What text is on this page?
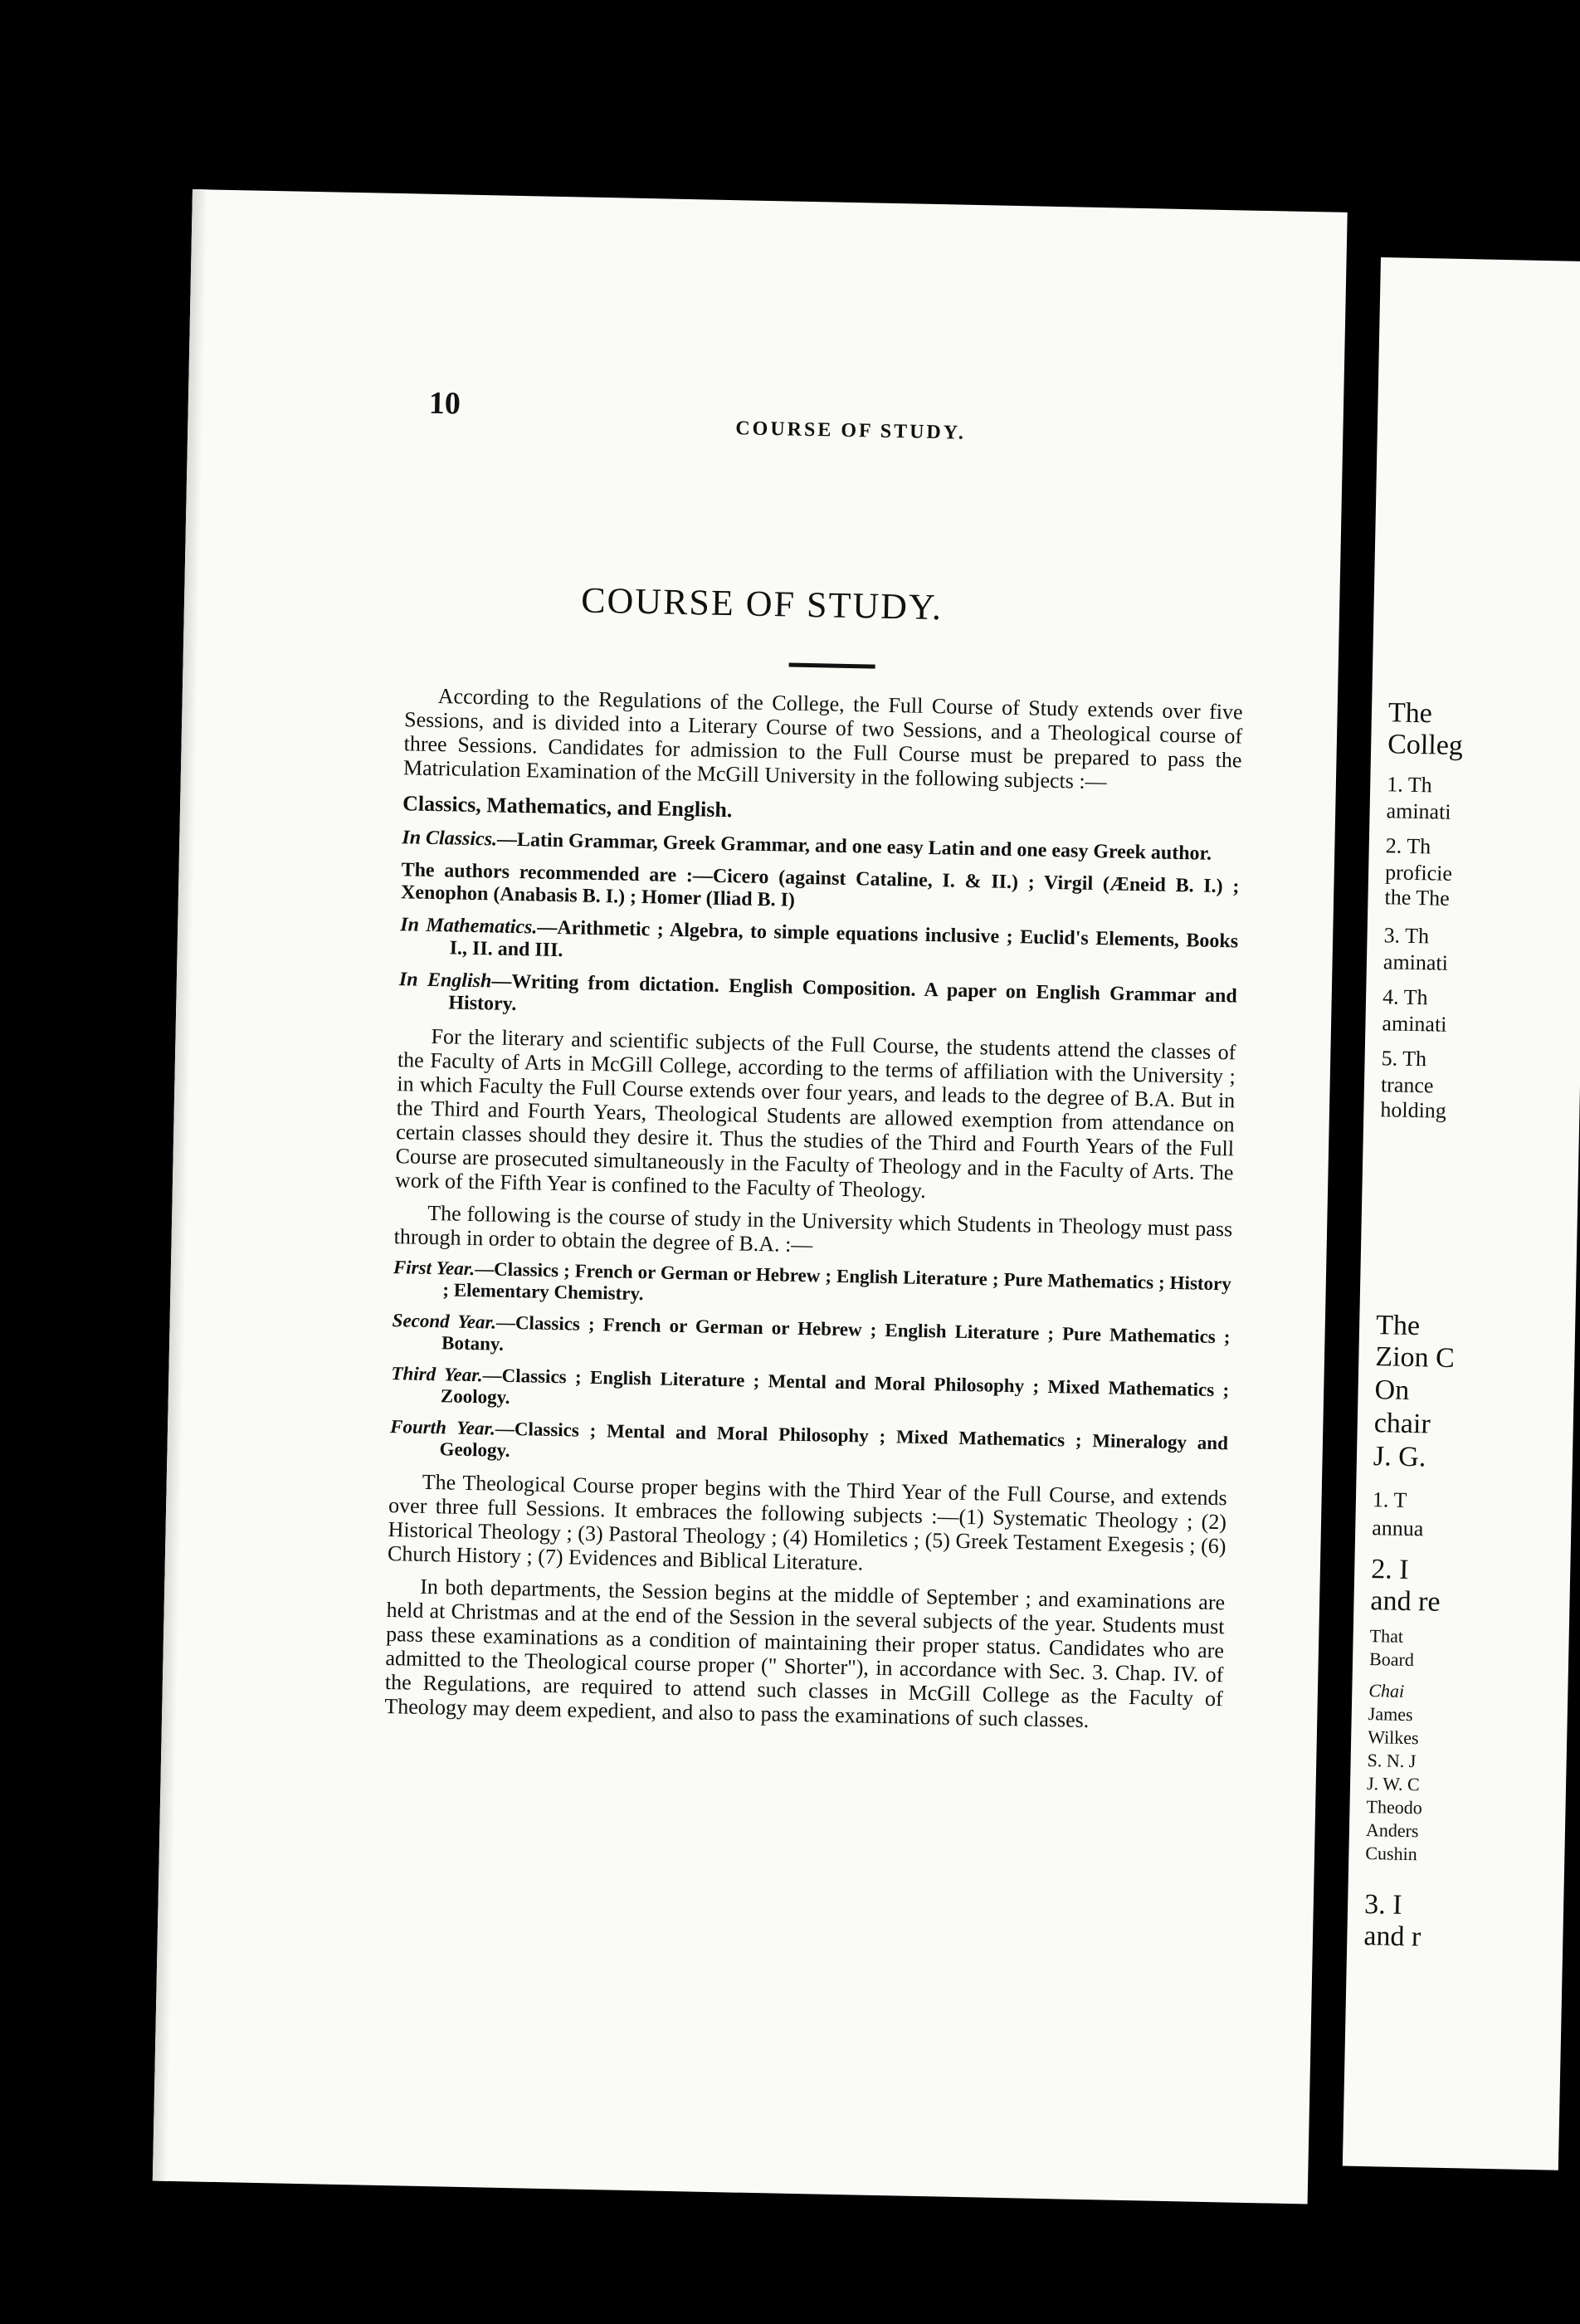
10
COURSE OF STUDY.
COURSE OF STUDY.

According to the Regulations of the College, the Full Course of Study extends over five Sessions, and is divided into a Literary Course of two Sessions, and a Theological course of three Sessions. Candidates for admission to the Full Course must be prepared to pass the Matriculation Examination of the McGill University in the following subjects :—

Classics, Mathematics, and English.

In Classics.—Latin Grammar, Greek Grammar, and one easy Latin and one easy Greek author.

The authors recommended are :—Cicero (against Cataline, I. & II.) ; Virgil (Æneid B. I.) ; Xenophon (Anabasis B. I.) ; Homer (Iliad B. I)

In Mathematics.—Arithmetic ; Algebra, to simple equations inclusive ; Euclid's Elements, Books I., II. and III.

In English—Writing from dictation. English Composition. A paper on English Grammar and History.

For the literary and scientific subjects of the Full Course, the students attend the classes of the Faculty of Arts in McGill College, according to the terms of affiliation with the University ; in which Faculty the Full Course extends over four years, and leads to the degree of B.A. But in the Third and Fourth Years, Theological Students are allowed exemption from attendance on certain classes should they desire it. Thus the studies of the Third and Fourth Years of the Full Course are prosecuted simultaneously in the Faculty of Theology and in the Faculty of Arts. The work of the Fifth Year is confined to the Faculty of Theology.

The following is the course of study in the University which Students in Theology must pass through in order to obtain the degree of B.A. :—

First Year.—Classics ; French or German or Hebrew ; English Literature ; Pure Mathematics ; History ; Elementary Chemistry.

Second Year.—Classics ; French or German or Hebrew ; English Literature ; Pure Mathematics ; Botany.

Third Year.—Classics ; English Literature ; Mental and Moral Philosophy ; Mixed Mathematics ; Zoology.

Fourth Year.—Classics ; Mental and Moral Philosophy ; Mixed Mathematics ; Mineralogy and Geology.

The Theological Course proper begins with the Third Year of the Full Course, and extends over three full Sessions. It embraces the following subjects :—(1) Systematic Theology ; (2) Historical Theology ; (3) Pastoral Theology ; (4) Homiletics ; (5) Greek Testament Exegesis ; (6) Church History ; (7) Evidences and Biblical Literature.

In both departments, the Session begins at the middle of September ; and examinations are held at Christmas and at the end of the Session in the several subjects of the year. Students must pass these examinations as a condition of maintaining their proper status. Candidates who are admitted to the Theological course proper (" Shorter"), in accordance with Sec. 3. Chap. IV. of the Regulations, are required to attend such classes in McGill College as the Faculty of Theology may deem expedient, and also to pass the examinations of such classes.

The
Colleg
1. Th
aminati
2. Th
proficie
the The
3. Th
aminati
4. Th
aminati
5. Th
trance
holding
The
Zion C
On
chair
J. G.
1. T
annua
2. I
and re
That
Board
Chai
James
Wilkes
S. N. J
J. W. C
Theodo
Anders
Cushin
3. I
and r
